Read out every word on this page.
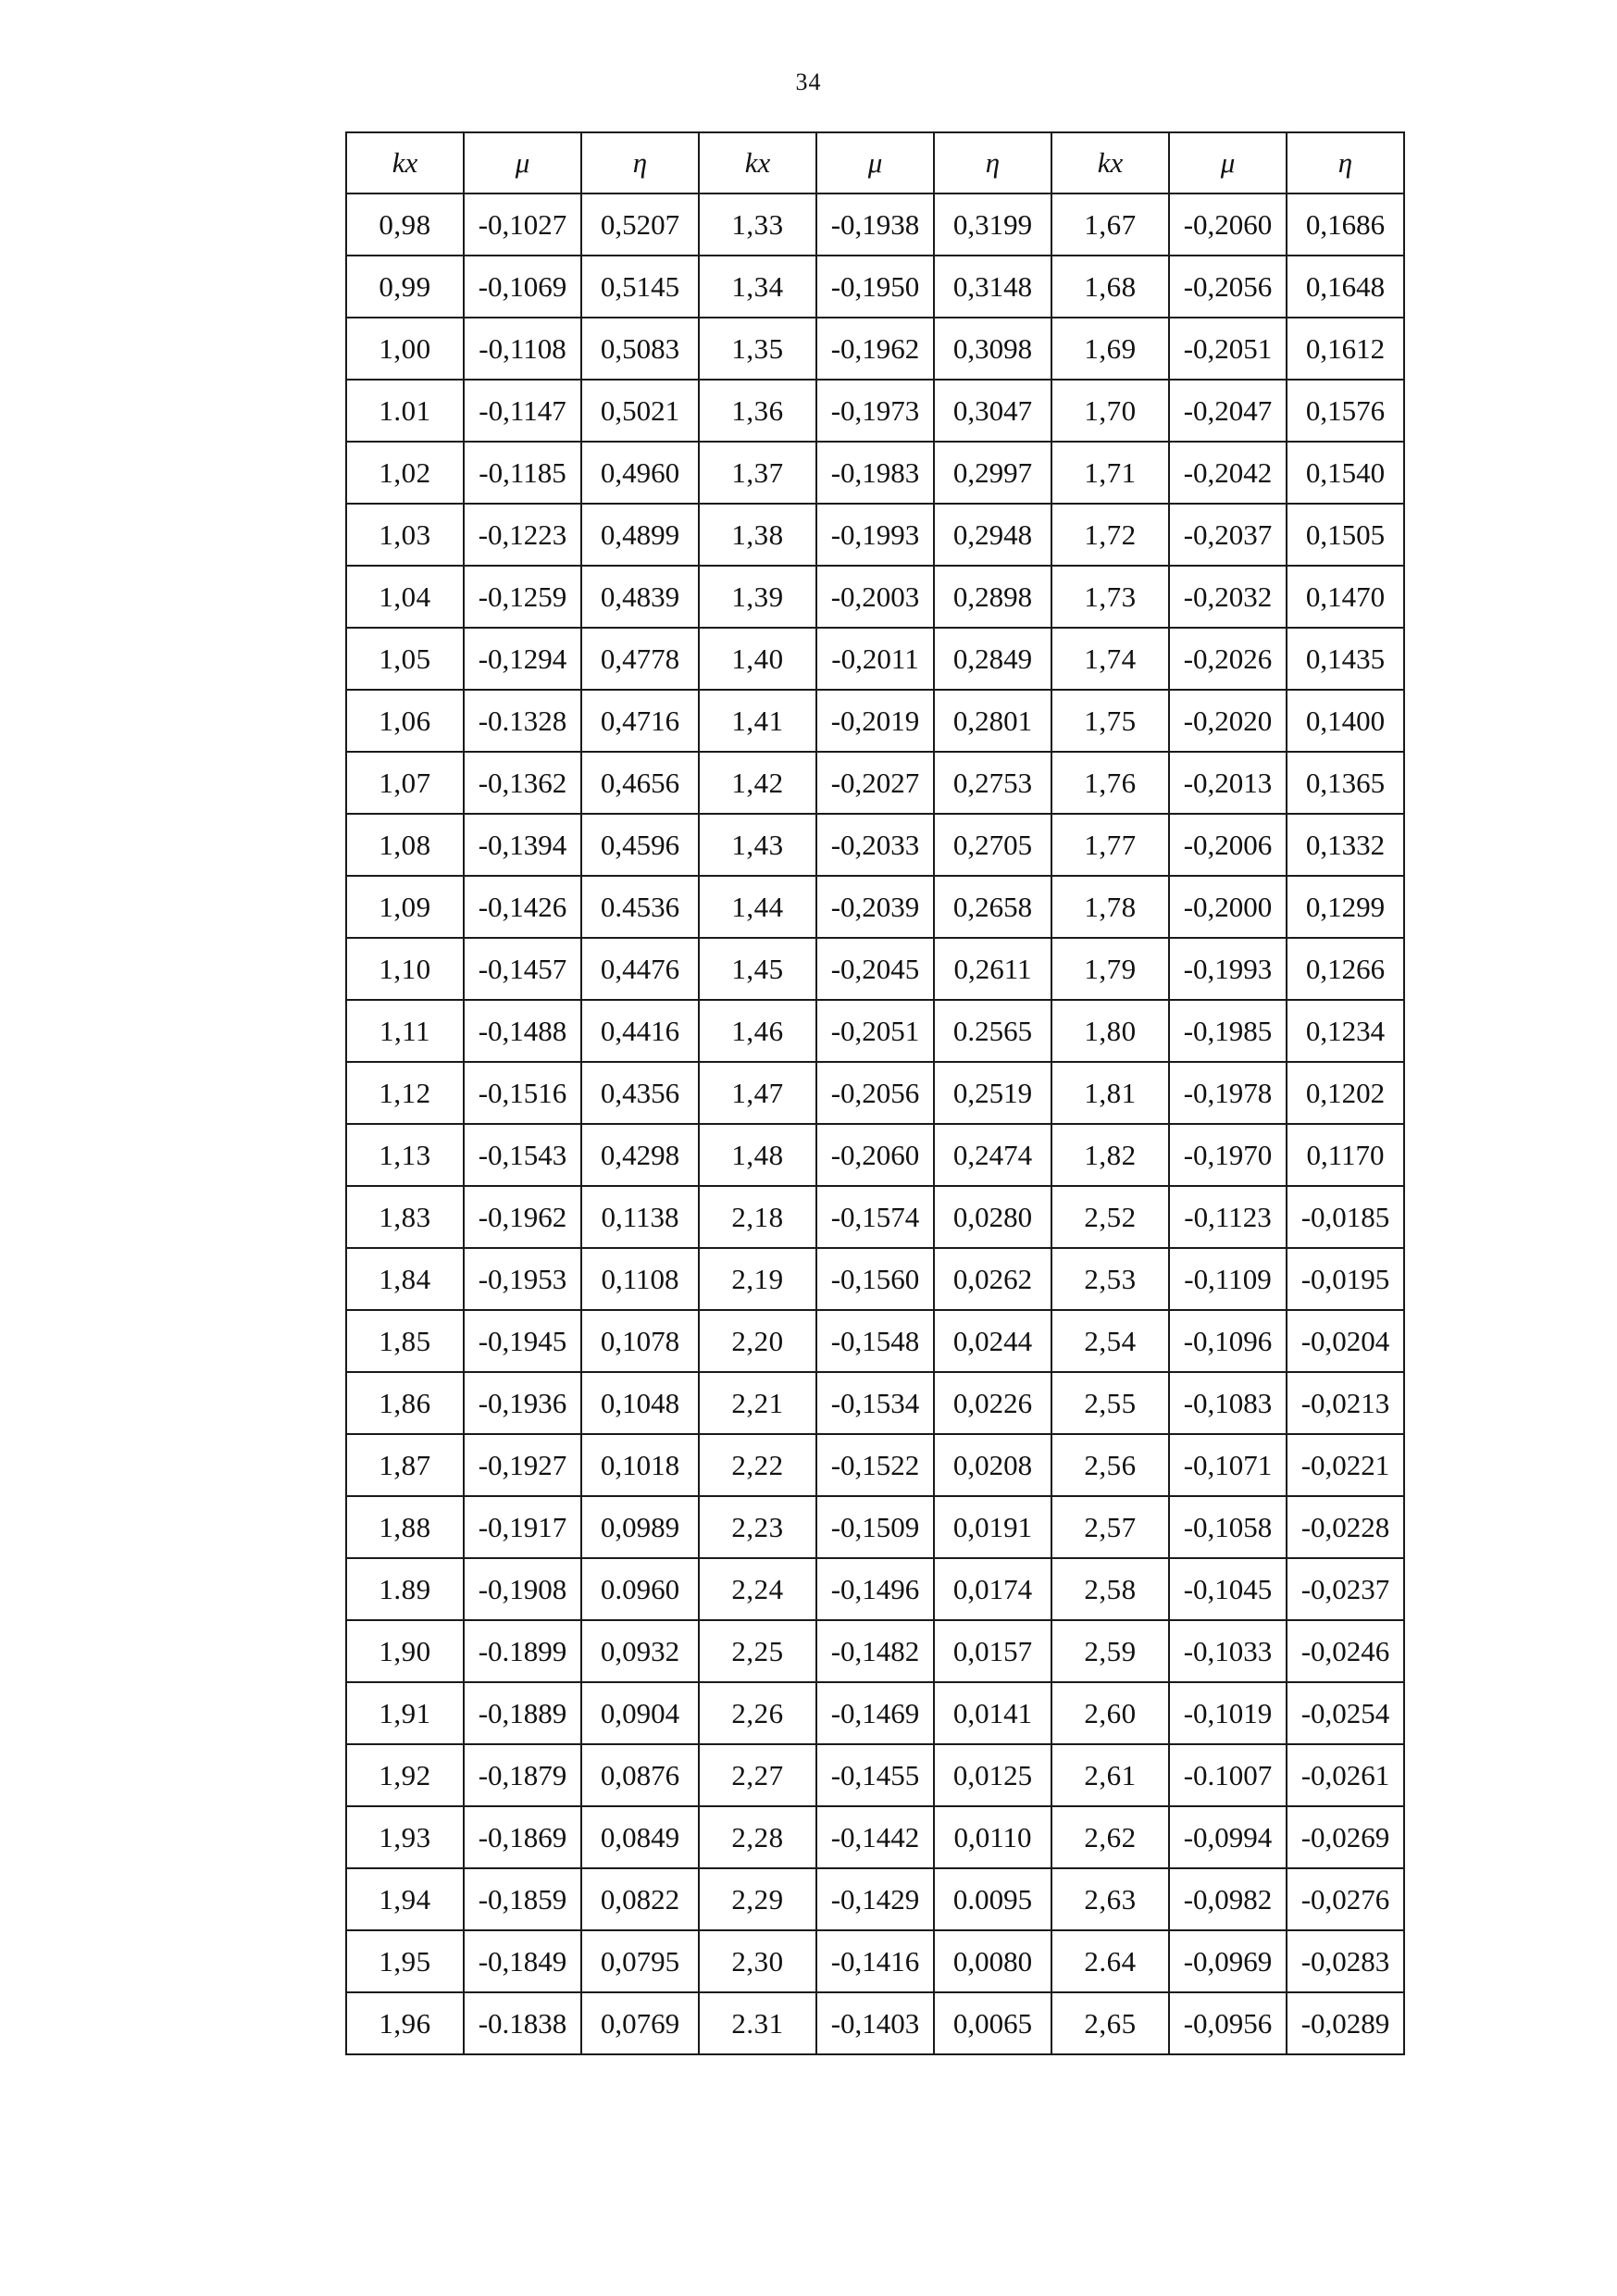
34
kx	μ	η	kx	μ	η	kx	μ	η
0,98	-0,1027	0,5207	1,33	-0,1938	0,3199	1,67	-0,2060	0,1686
0,99	-0,1069	0,5145	1,34	-0,1950	0,3148	1,68	-0,2056	0,1648
1,00	-0,1108	0,5083	1,35	-0,1962	0,3098	1,69	-0,2051	0,1612
1.01	-0,1147	0,5021	1,36	-0,1973	0,3047	1,70	-0,2047	0,1576
1,02	-0,1185	0,4960	1,37	-0,1983	0,2997	1,71	-0,2042	0,1540
1,03	-0,1223	0,4899	1,38	-0,1993	0,2948	1,72	-0,2037	0,1505
1,04	-0,1259	0,4839	1,39	-0,2003	0,2898	1,73	-0,2032	0,1470
1,05	-0,1294	0,4778	1,40	-0,2011	0,2849	1,74	-0,2026	0,1435
1,06	-0.1328	0,4716	1,41	-0,2019	0,2801	1,75	-0,2020	0,1400
1,07	-0,1362	0,4656	1,42	-0,2027	0,2753	1,76	-0,2013	0,1365
1,08	-0,1394	0,4596	1,43	-0,2033	0,2705	1,77	-0,2006	0,1332
1,09	-0,1426	0.4536	1,44	-0,2039	0,2658	1,78	-0,2000	0,1299
1,10	-0,1457	0,4476	1,45	-0,2045	0,2611	1,79	-0,1993	0,1266
1,11	-0,1488	0,4416	1,46	-0,2051	0.2565	1,80	-0,1985	0,1234
1,12	-0,1516	0,4356	1,47	-0,2056	0,2519	1,81	-0,1978	0,1202
1,13	-0,1543	0,4298	1,48	-0,2060	0,2474	1,82	-0,1970	0,1170
1,83	-0,1962	0,1138	2,18	-0,1574	0,0280	2,52	-0,1123	-0,0185
1,84	-0,1953	0,1108	2,19	-0,1560	0,0262	2,53	-0,1109	-0,0195
1,85	-0,1945	0,1078	2,20	-0,1548	0,0244	2,54	-0,1096	-0,0204
1,86	-0,1936	0,1048	2,21	-0,1534	0,0226	2,55	-0,1083	-0,0213
1,87	-0,1927	0,1018	2,22	-0,1522	0,0208	2,56	-0,1071	-0,0221
1,88	-0,1917	0,0989	2,23	-0,1509	0,0191	2,57	-0,1058	-0,0228
1.89	-0,1908	0.0960	2,24	-0,1496	0,0174	2,58	-0,1045	-0,0237
1,90	-0.1899	0,0932	2,25	-0,1482	0,0157	2,59	-0,1033	-0,0246
1,91	-0,1889	0,0904	2,26	-0,1469	0,0141	2,60	-0,1019	-0,0254
1,92	-0,1879	0,0876	2,27	-0,1455	0,0125	2,61	-0.1007	-0,0261
1,93	-0,1869	0,0849	2,28	-0,1442	0,0110	2,62	-0,0994	-0,0269
1,94	-0,1859	0,0822	2,29	-0,1429	0.0095	2,63	-0,0982	-0,0276
1,95	-0,1849	0,0795	2,30	-0,1416	0,0080	2.64	-0,0969	-0,0283
1,96	-0.1838	0,0769	2.31	-0,1403	0,0065	2,65	-0,0956	-0,0289
